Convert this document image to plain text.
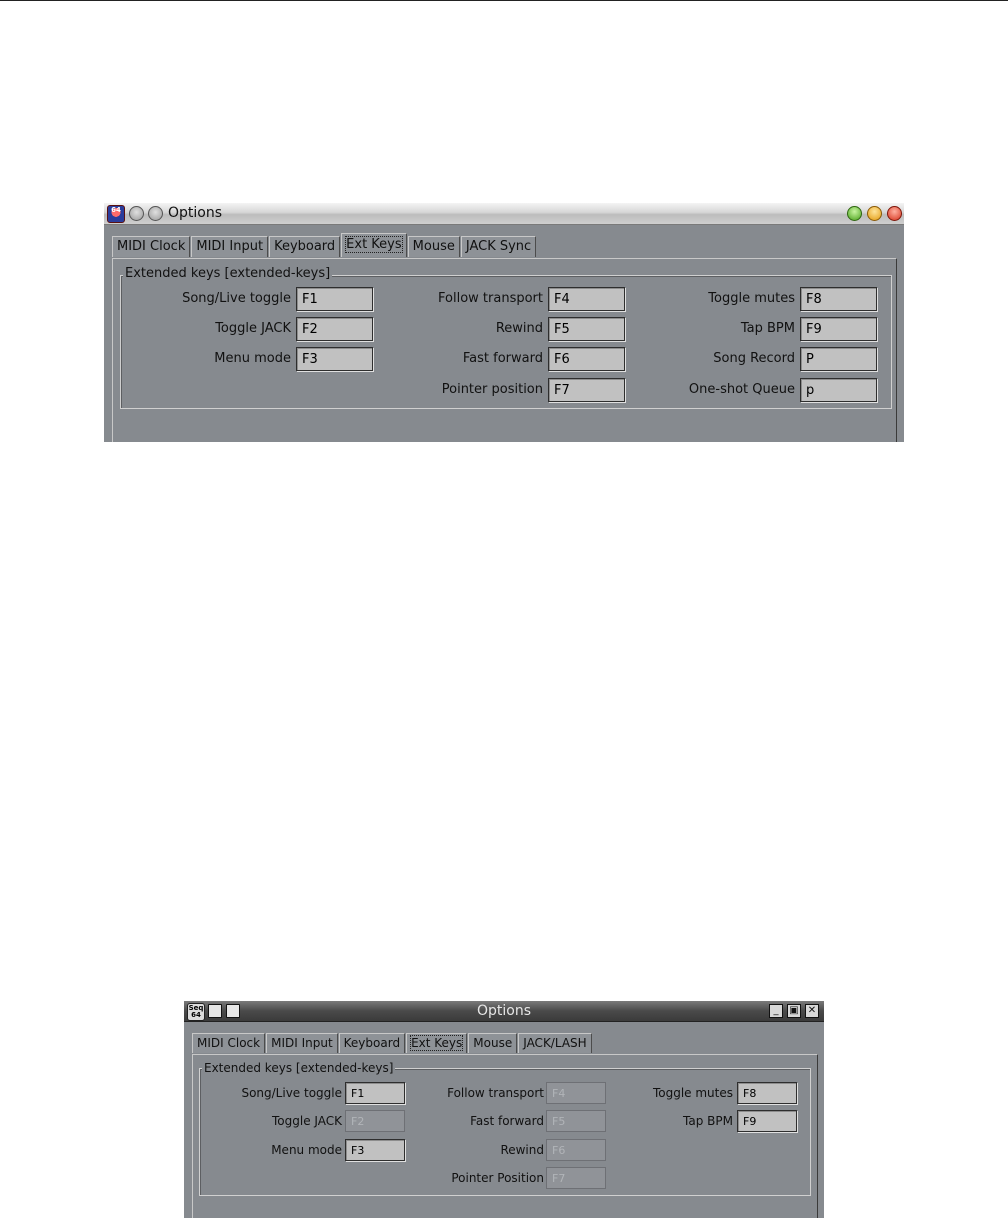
64	Options
MIDI Clock MIDI Input Keyboard Ext Keys Mouse JACK Sync
Extended keys [extended-keys]
Song/Live toggle
F1
Toggle JACK
F2
Menu mode
F3
Follow transport
F4
Rewind
F5
Fast forward
F6
Pointer position
F7
Toggle mutes
F8
Tap BPM
F9
Song Record
P
One-shot Queue
p
Seq 64	Options	_	▣ ✕
MIDI Clock MIDI Input Keyboard Ext Keys Mouse JACK/LASH
Extended keys [extended-keys]
Song/Live toggle
F1
Toggle JACK
F2
Menu mode
F3
Follow transport
F4
Fast forward
F5
Rewind
F6
Pointer Position
F7
Toggle mutes
F8
Tap BPM
F9
